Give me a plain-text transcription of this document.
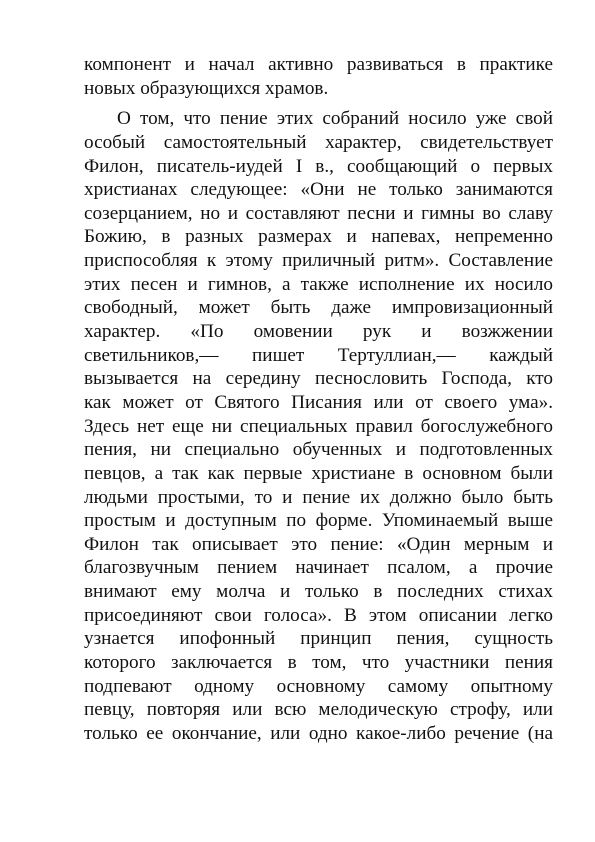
компонент и начал активно развиваться в практике
новых образующихся храмов.
О том, что пение этих собраний носило уже свой
особый самостоятельный характер, свидетельствует
Филон, писатель-иудей I в., сообщающий о первых
христианах следующее: «Они не только занимаются
созерцанием, но и составляют песни и гимны во славу
Божию, в разных размерах и напевах, непременно
приспособляя к этому приличный ритм». Составление
этих песен и гимнов, а также исполнение их носило
свободный, может быть даже импровизационный
характер. «По омовении рук и возжжении
светильников,— пишет Тертуллиан,— каждый
вызывается на середину песнословить Господа, кто
как может от Святого Писания или от своего ума».
Здесь нет еще ни специальных правил богослужебного
пения, ни специально обученных и подготовленных
певцов, а так как первые христиане в основном были
людьми простыми, то и пение их должно было быть
простым и доступным по форме. Упоминаемый выше
Филон так описывает это пение: «Один мерным и
благозвучным пением начинает псалом, а прочие
внимают ему молча и только в последних стихах
присоединяют свои голоса». В этом описании легко
узнается ипофонный принцип пения, сущность
которого заключается в том, что участники пения
подпевают одному основному самому опытному
певцу, повторяя или всю мелодическую строфу, или
только ее окончание, или одно какое-либо речение (на
